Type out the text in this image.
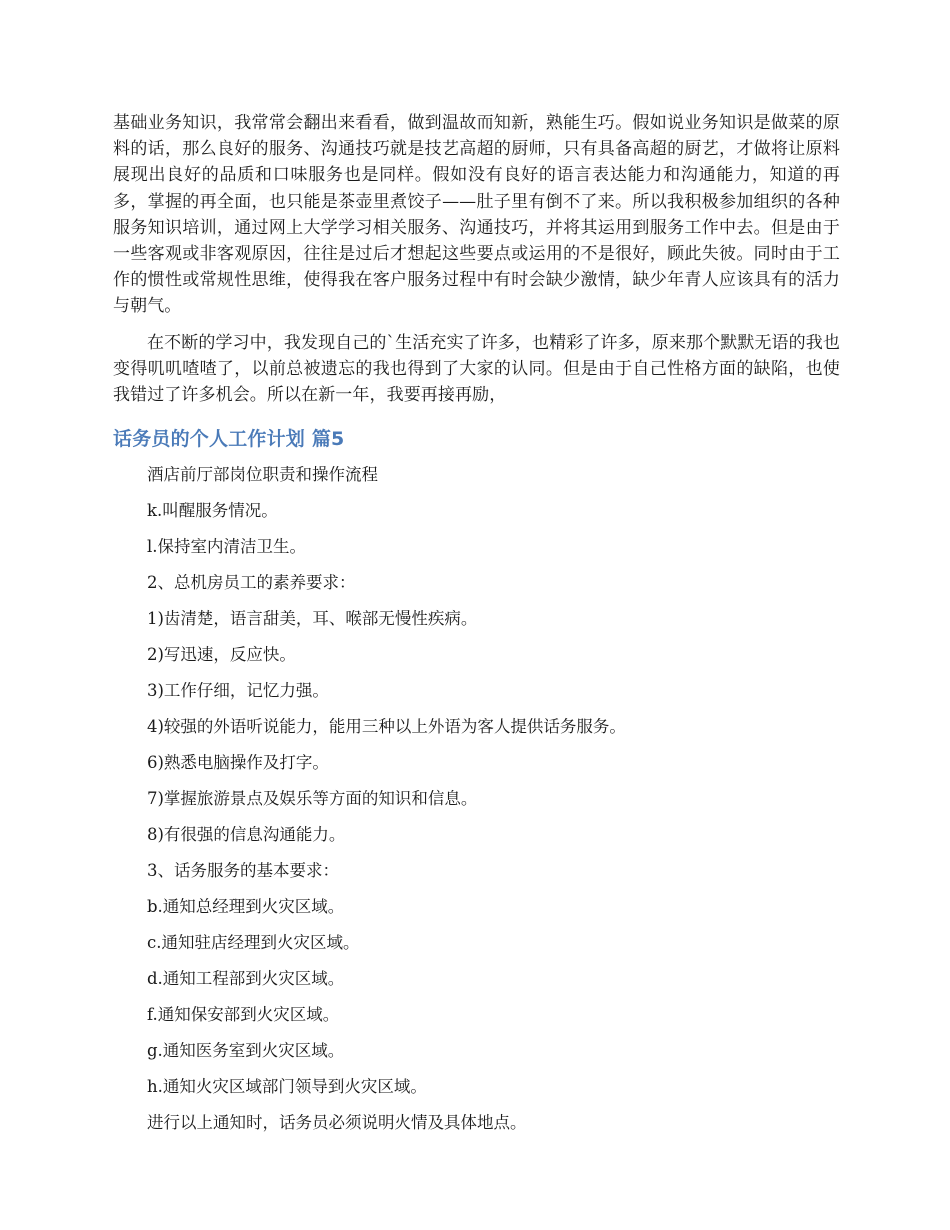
基础业务知识，我常常会翻出来看看，做到温故而知新，熟能生巧。假如说业务知识是做菜的原料的话，那么良好的服务、沟通技巧就是技艺高超的厨师，只有具备高超的厨艺，才做将让原料展现出良好的品质和口味服务也是同样。假如没有良好的语言表达能力和沟通能力，知道的再多，掌握的再全面，也只能是茶壶里煮饺子——肚子里有倒不了来。所以我积极参加组织的各种服务知识培训，通过网上大学学习相关服务、沟通技巧，并将其运用到服务工作中去。但是由于一些客观或非客观原因，往往是过后才想起这些要点或运用的不是很好，顾此失彼。同时由于工作的惯性或常规性思维，使得我在客户服务过程中有时会缺少激情，缺少年青人应该具有的活力与朝气。

在不断的学习中，我发现自己的`生活充实了许多，也精彩了许多，原来那个默默无语的我也变得叽叽喳喳了，以前总被遗忘的我也得到了大家的认同。但是由于自己性格方面的缺陷，也使我错过了许多机会。所以在新一年，我要再接再励，

话务员的个人工作计划 篇5

酒店前厅部岗位职责和操作流程

k.叫醒服务情况。

l.保持室内清洁卫生。

2、总机房员工的素养要求：

1)齿清楚，语言甜美，耳、喉部无慢性疾病。

2)写迅速，反应快。

3)工作仔细，记忆力强。

4)较强的外语听说能力，能用三种以上外语为客人提供话务服务。

6)熟悉电脑操作及打字。

7)掌握旅游景点及娱乐等方面的知识和信息。

8)有很强的信息沟通能力。

3、话务服务的基本要求：

b.通知总经理到火灾区域。

c.通知驻店经理到火灾区域。

d.通知工程部到火灾区域。

f.通知保安部到火灾区域。

g.通知医务室到火灾区域。

h.通知火灾区域部门领导到火灾区域。

进行以上通知时，话务员必须说明火情及具体地点。
